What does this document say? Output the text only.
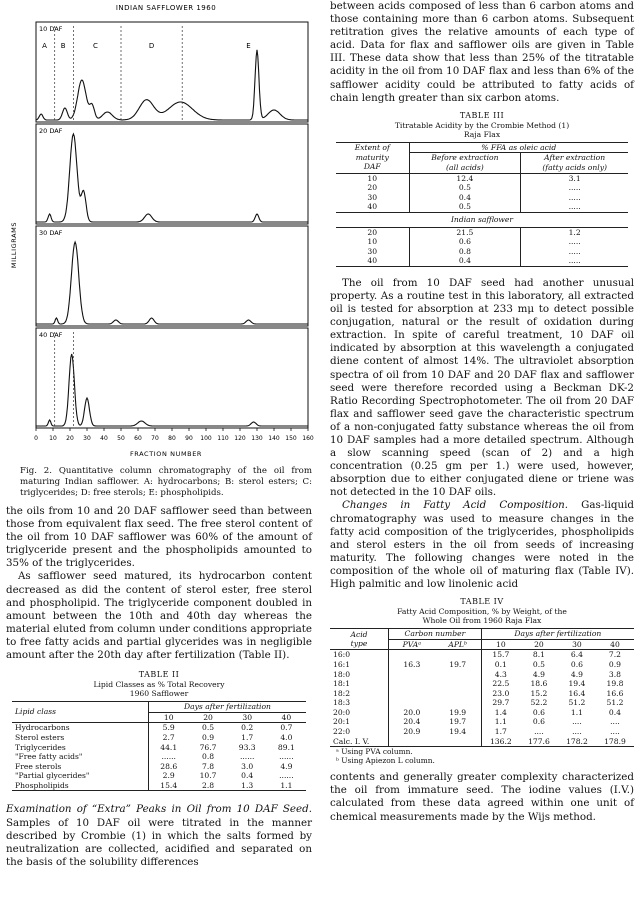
INDIAN SAFFLOWER 1960
MILLIGRAMS
FRACTION NUMBER
10 DAF
20 DAF
30 DAF
40 DAF
A B	C	D	E
0 10 20 30 40 50 60 70 80 90 100 110 120 130 140 150 160

Fig. 2. Quantitative column chromatography of the oil from maturing Indian safflower. A: hydrocarbons; B: sterol esters; C: triglycerides; D: free sterols; E: phospholipids.

the oils from 10 and 20 DAF safflower seed than between those from equivalent flax seed. The free sterol content of the oil from 10 DAF safflower was 60% of the amount of triglyceride present and the phospholipids amounted to 35% of the triglycerides.

As safflower seed matured, its hydrocarbon content decreased as did the content of sterol ester, free sterol and phospholipid. The triglyceride component doubled in amount between the 10th and 40th day whereas the material eluted from column under conditions appropriate to free fatty acids and partial glycerides was in negligible amount after the 20th day after fertilization (Table II).

TABLE II
Lipid Classes as % Total Recovery
1960 Safflower
Lipid class	Days after fertilization			
	10	20	30	40
Hydrocarbons	5.9	0.5	0.2	0.7
Sterol esters	2.7	0.9	1.7	4.0
Triglycerides	44.1	76.7	93.3	89.1
"Free fatty acids"	......	0.8	......	......
Free sterols	28.6	7.8	3.0	4.9
"Partial glycerides"	2.9	10.7	0.4	......
Phospholipids	15.4	2.8	1.3	1.1

Examination of “Extra” Peaks in Oil from 10 DAF Seed. Samples of 10 DAF oil were titrated in the manner described by Crombie (1) in which the salts formed by neutralization are collected, acidified and separated on the basis of the solubility differences

between acids composed of less than 6 carbon atoms and those containing more than 6 carbon atoms. Subsequent retitration gives the relative amounts of each type of acid. Data for flax and safflower oils are given in Table III. These data show that less than 25% of the titratable acidity in the oil from 10 DAF flax and less than 6% of the safflower acidity could be attributed to fatty acids of chain length greater than six carbon atoms.

TABLE III
Titratable Acidity by the Crombie Method (1)
Raja Flax
Extent of
maturity
DAF	% FFA as oleic acid	
	Before extraction
(all acids)	After extraction
(fatty acids only)
10	12.4	3.1
20	0.5	.....
30	0.4	.....
40	0.5	.....
Indian safflower		
20	21.5	1.2
10	0.6	.....
30	0.8	.....
40	0.4	.....

The oil from 10 DAF seed had another unusual property. As a routine test in this laboratory, all extracted oil is tested for absorption at 233 mμ to detect possible conjugation, natural or the result of oxidation during extraction. In spite of careful treatment, 10 DAF oil indicated by absorption at this wavelength a conjugated diene content of almost 14%. The ultraviolet absorption spectra of oil from 10 DAF and 20 DAF flax and safflower seed were therefore recorded using a Beckman DK-2 Ratio Recording Spectrophotometer. The oil from 20 DAF flax and safflower seed gave the characteristic spectrum of a non-conjugated fatty substance whereas the oil from 10 DAF samples had a more detailed spectrum. Although a slow scanning speed (scan of 2) and a high concentration (0.25 gm per 1.) were used, however, absorption due to either conjugated diene or triene was not detected in the 10 DAF oils.

Changes in Fatty Acid Composition. Gas-liquid chromatography was used to measure changes in the fatty acid composition of the triglycerides, phospholipids and sterol esters in the oil from seeds of increasing maturity. The following changes were noted in the composition of the whole oil of maturing flax (Table IV). High palmitic and low linolenic acid

TABLE IV
Fatty Acid Composition, % by Weight, of the
Whole Oil from 1960 Raja Flax
Acid
type	Carbon number		Days after fertilization			
	PVAᵃ	APLᵇ	10	20	30	40
16:0			15.7	8.1	6.4	7.2
16:1	16.3	19.7	0.1	0.5	0.6	0.9
18:0			4.3	4.9	4.9	3.8
18:1			22.5	18.6	19.4	19.8
18:2			23.0	15.2	16.4	16.6
18:3			29.7	52.2	51.2	51.2
20:0	20.0	19.9	1.4	0.6	1.1	0.4
20:1	20.4	19.7	1.1	0.6	....	....
22:0	20.9	19.4	1.7	....	....	....
Calc. I. V.			136.2	177.6	178.2	178.9
ᵃ Using PVA column.
ᵇ Using Apiezon L column.

contents and generally greater complexity characterized the oil from immature seed. The iodine values (I.V.) calculated from these data agreed within one unit of chemical measurements made by the Wijs method.
